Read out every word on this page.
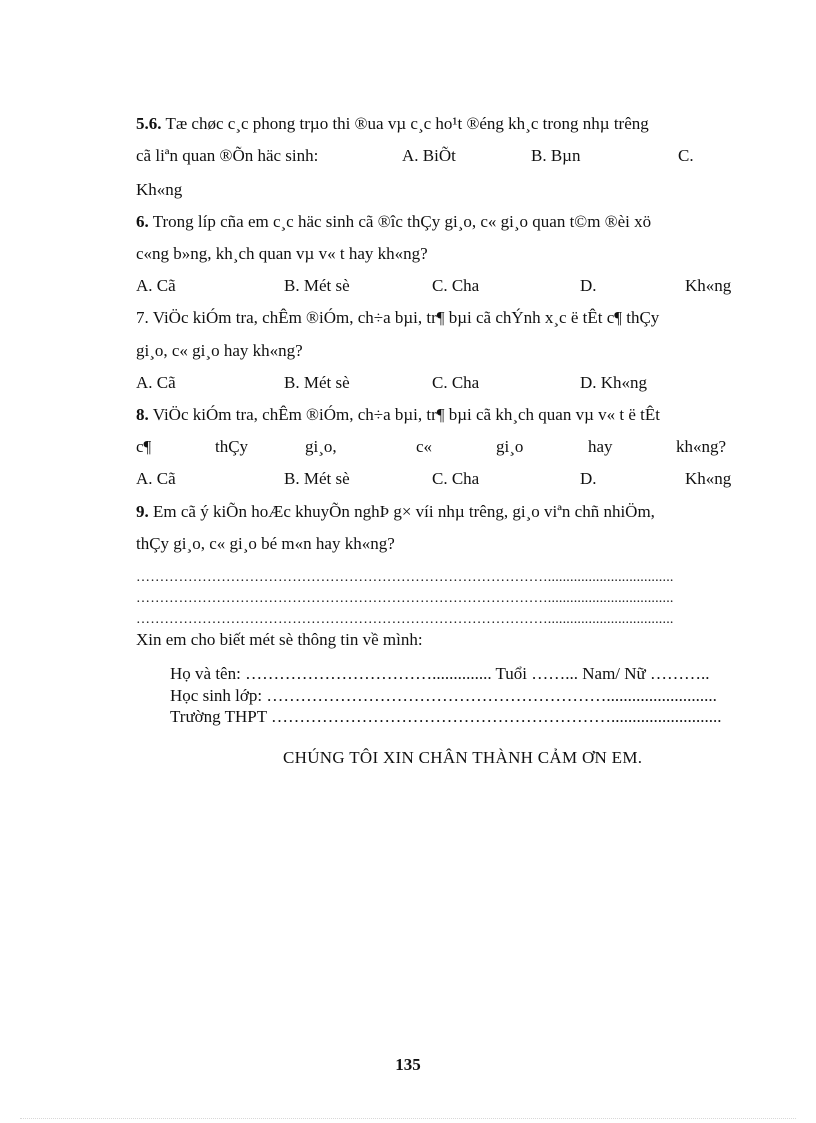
5.6. Tæ chøc c¸c phong trµo thi ®ua vµ c¸c ho¹t ®éng kh¸c trong nhµ trêng
cã liªn quan ®Õn häc sinh:	A. BiÕt	B. Bµn	C.
Kh«ng
6. Trong líp cña em c¸c häc sinh cã ®îc thÇy gi¸o, c« gi¸o quan t©m ®èi xö
c«ng b»ng, kh¸ch quan vµ v« t hay kh«ng?
A. Cã	B. Mét sè	C. Cha	D.	Kh«ng
7. ViÖc kiÓm tra, chÊm ®iÓm, ch÷a bµi, tr¶ bµi cã chÝnh x¸c ë tÊt c¶ thÇy
gi¸o, c« gi¸o hay kh«ng?
A. Cã	B. Mét sè	C. Cha	D. Kh«ng
8. ViÖc kiÓm tra, chÊm ®iÓm, ch÷a bµi, tr¶ bµi cã kh¸ch quan vµ v« t ë tÊt
c¶	thÇy	gi¸o,	c«	gi¸o	hay	kh«ng?
A. Cã	B. Mét sè	C. Cha	D.	Kh«ng
9. Em cã ý kiÕn hoÆc khuyÕn nghÞ g× víi nhµ trêng, gi¸o viªn chñ nhiÖm,
thÇy gi¸o, c« gi¸o bé m«n hay kh«ng?
……………………………………………………………………………..................................
……………………………………………………………………………..................................
……………………………………………………………………………..................................
Xin em cho biết mét sè thông tin về mình:
Họ và tên: …………………………….............. Tuổi ……... Nam/ Nữ ………..
Học sinh lớp: ……………………………………………………..........................
Trường THPT ……………………………………………………..........................
CHÚNG TÔI XIN CHÂN THÀNH CẢM ƠN EM.
135
